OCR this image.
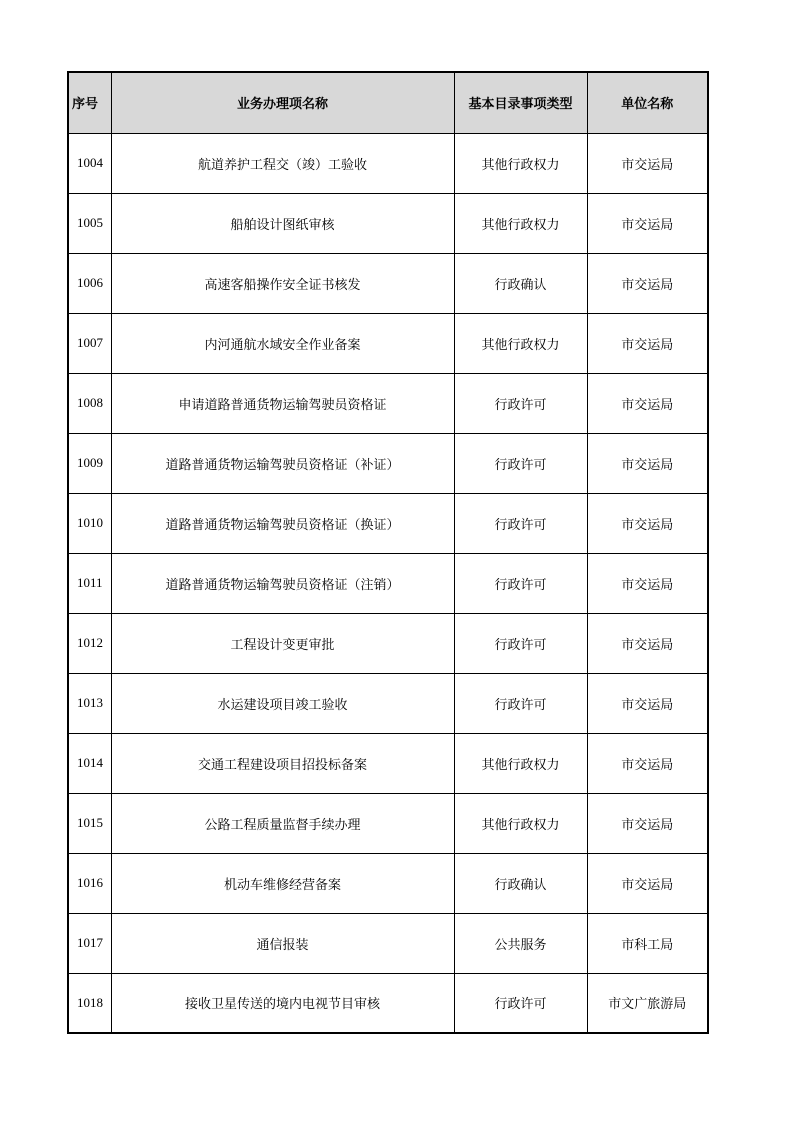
序号	业务办理项名称	基本目录事项类型	单位名称
1004	航道养护工程交（竣）工验收	其他行政权力	市交运局
1005	船舶设计图纸审核	其他行政权力	市交运局
1006	高速客船操作安全证书核发	行政确认	市交运局
1007	内河通航水域安全作业备案	其他行政权力	市交运局
1008	申请道路普通货物运输驾驶员资格证	行政许可	市交运局
1009	道路普通货物运输驾驶员资格证（补证）	行政许可	市交运局
1010	道路普通货物运输驾驶员资格证（换证）	行政许可	市交运局
1011	道路普通货物运输驾驶员资格证（注销）	行政许可	市交运局
1012	工程设计变更审批	行政许可	市交运局
1013	水运建设项目竣工验收	行政许可	市交运局
1014	交通工程建设项目招投标备案	其他行政权力	市交运局
1015	公路工程质量监督手续办理	其他行政权力	市交运局
1016	机动车维修经营备案	行政确认	市交运局
1017	通信报装	公共服务	市科工局
1018	接收卫星传送的境内电视节目审核	行政许可	市文广旅游局
